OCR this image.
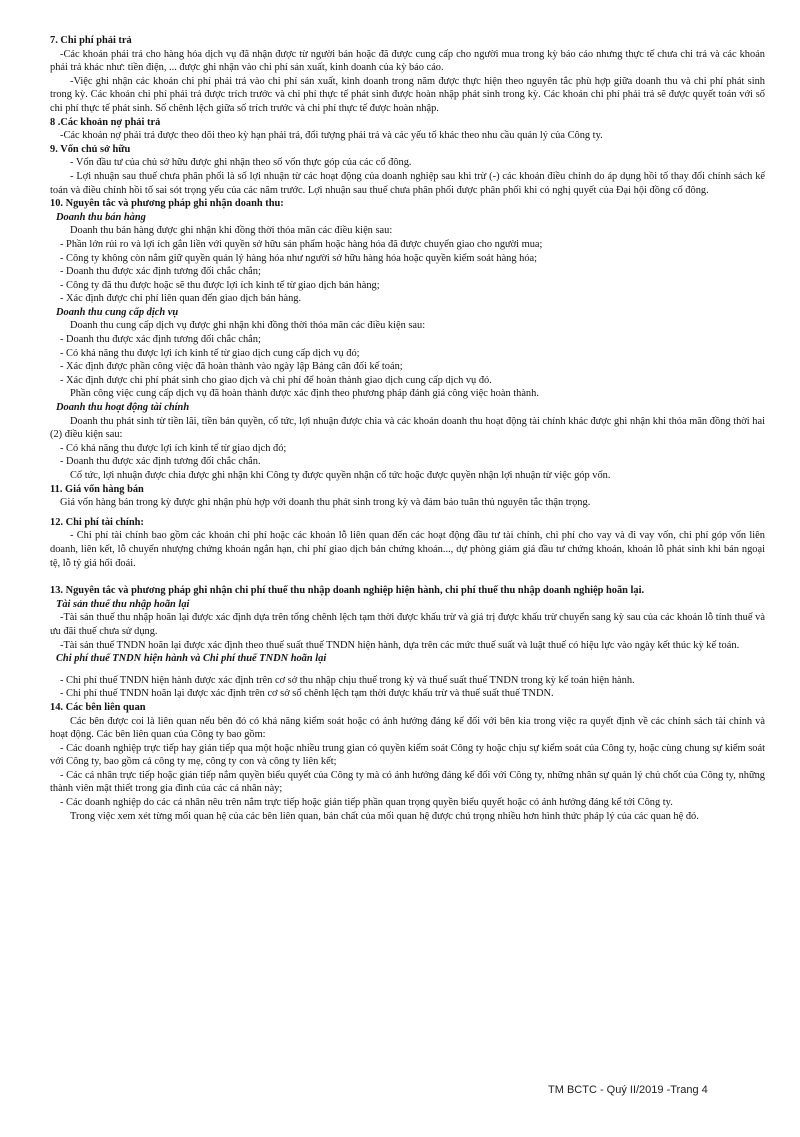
7. Chi phí phải trả

-Các khoản phải trả cho hàng hóa dịch vụ đã nhận được từ người bán hoặc đã được cung cấp cho người mua trong kỳ báo cáo nhưng thực tế chưa chi trả và các khoản phải trả khác như: tiền điện, ... được ghi nhận vào chi phí sản xuất, kinh doanh của kỳ báo cáo.

-Việc ghi nhận các khoản chi phí phải trả vào chi phí sản xuất, kinh doanh trong năm được thực hiện theo nguyên tắc phù hợp giữa doanh thu và chi phí phát sinh trong kỳ. Các khoản chi phí phải trả được trích trước và chi phí thực tế phát sinh được hoàn nhập phát sinh trong kỳ. Các khoản chi phí phải trả sẽ được quyết toán với số chi phí thực tế phát sinh. Số chênh lệch giữa số trích trước và chi phí thực tế được hoàn nhập.

8 .Các khoản nợ phải trả

-Các khoản nợ phải trả được theo dõi theo kỳ hạn phải trả, đối tượng phải trả và các yếu tố khác theo nhu cầu quản lý của Công ty.

9. Vốn chủ sở hữu

- Vốn đầu tư của chủ sở hữu được ghi nhận theo số vốn thực góp của các cổ đông.

- Lợi nhuận sau thuế chưa phân phối là số lợi nhuận từ các hoạt động của doanh nghiệp sau khi trừ (-) các khoản điều chỉnh do áp dụng hồi tố thay đổi chính sách kế toán và điều chỉnh hồi tố sai sót trọng yếu của các năm trước. Lợi nhuận sau thuế chưa phân phối được phân phối khi có nghị quyết của Đại hội đồng cổ đông.

10. Nguyên tắc và phương pháp ghi nhận doanh thu:

Doanh thu bán hàng

Doanh thu bán hàng được ghi nhận khi đồng thời thỏa mãn các điều kiện sau:

- Phần lớn rủi ro và lợi ích gắn liền với quyền sở hữu sản phẩm hoặc hàng hóa đã được chuyển giao cho người mua;

- Công ty không còn nắm giữ quyền quản lý hàng hóa như người sở hữu hàng hóa hoặc quyền kiểm soát hàng hóa;

- Doanh thu được xác định tương đối chắc chắn;

- Công ty đã thu được hoặc sẽ thu được lợi ích kinh tế từ giao dịch bán hàng;

- Xác định được chi phí liên quan đến giao dịch bán hàng.

Doanh thu cung cấp dịch vụ

Doanh thu cung cấp dịch vụ được ghi nhận khi đồng thời thỏa mãn các điều kiện sau:

- Doanh thu được xác định tương đối chắc chắn;

- Có khả năng thu được lợi ích kinh tế từ giao dịch cung cấp dịch vụ đó;

- Xác định được phần công việc đã hoàn thành vào ngày lập Bảng cân đối kế toán;

- Xác định được chi phí phát sinh cho giao dịch và chi phí để hoàn thành giao dịch cung cấp dịch vụ đó.

Phần công việc cung cấp dịch vụ đã hoàn thành được xác định theo phương pháp đánh giá công việc hoàn thành.

Doanh thu hoạt động tài chính

Doanh thu phát sinh từ tiền lãi, tiền bản quyền, cổ tức, lợi nhuận được chia và các khoản doanh thu hoạt động tài chính khác được ghi nhận khi thỏa mãn đồng thời hai (2) điều kiện sau:

- Có khả năng thu được lợi ích kinh tế từ giao dịch đó;

- Doanh thu được xác định tương đối chắc chắn.

Cổ tức, lợi nhuận được chia được ghi nhận khi Công ty được quyền nhận cổ tức hoặc được quyền nhận lợi nhuận từ việc góp vốn.

11. Giá vốn hàng bán

Giá vốn hàng bán trong kỳ được ghi nhận phù hợp với doanh thu phát sinh trong kỳ và đảm bảo tuân thủ nguyên tắc thận trọng.

12. Chi phí tài chính:

- Chi phí tài chính bao gồm các khoản chi phí hoặc các khoản lỗ liên quan đến các hoạt động đầu tư tài chính, chi phí cho vay và đi vay vốn, chi phí góp vốn liên doanh, liên kết, lỗ chuyển nhượng chứng khoán ngắn hạn, chi phí giao dịch bán chứng khoán..., dự phòng giảm giá đầu tư chứng khoán, khoản lỗ phát sinh khi bán ngoại tệ, lỗ tỷ giá hối đoái.

13. Nguyên tắc và phương pháp ghi nhận chi phí thuế thu nhập doanh nghiệp hiện hành, chi phí thuế thu nhập doanh nghiệp hoãn lại.

Tài sản thuế thu nhập hoãn lại

-Tài sản thuế thu nhập hoãn lại được xác định dựa trên tổng chênh lệch tạm thời được khấu trừ và giá trị được khấu trừ chuyển sang kỳ sau của các khoản lỗ tính thuế và ưu đãi thuế chưa sử dụng.

-Tài sản thuế TNDN hoãn lại được xác định theo thuế suất thuế TNDN hiện hành, dựa trên các mức thuế suất và luật thuế có hiệu lực vào ngày kết thúc kỳ kế toán.

Chi phí thuế TNDN hiện hành và Chi phí thuế TNDN hoãn lại

- Chi phí thuế TNDN hiện hành được xác định trên cơ sở thu nhập chịu thuế trong kỳ và thuế suất thuế TNDN trong kỳ kế toán hiện hành.

- Chi phí thuế TNDN hoãn lại được xác định trên cơ sở số chênh lệch tạm thời được khấu trừ và thuế suất thuế TNDN.

14. Các bên liên quan

Các bên được coi là liên quan nếu bên đó có khả năng kiểm soát hoặc có ảnh hưởng đáng kể đối với bên kia trong việc ra quyết định về các chính sách tài chính và hoạt động. Các bên liên quan của Công ty bao gồm:

- Các doanh nghiệp trực tiếp hay gián tiếp qua một hoặc nhiều trung gian có quyền kiểm soát Công ty hoặc chịu sự kiểm soát của Công ty, hoặc cùng chung sự kiểm soát với Công ty, bao gồm cả công ty mẹ, công ty con và công ty liên kết;

- Các cá nhân trực tiếp hoặc gián tiếp nắm quyền biểu quyết của Công ty mà có ảnh hưởng đáng kể đối với Công ty, những nhân sự quản lý chủ chốt của Công ty, những thành viên mật thiết trong gia đình của các cá nhân này;

- Các doanh nghiệp do các cá nhân nêu trên nắm trực tiếp hoặc gián tiếp phần quan trọng quyền biểu quyết hoặc có ảnh hưởng đáng kể tới Công ty.

Trong việc xem xét từng mối quan hệ của các bên liên quan, bản chất của mối quan hệ được chú trọng nhiều hơn hình thức pháp lý của các quan hệ đó.

TM BCTC - Quý II/2019 -Trang 4
